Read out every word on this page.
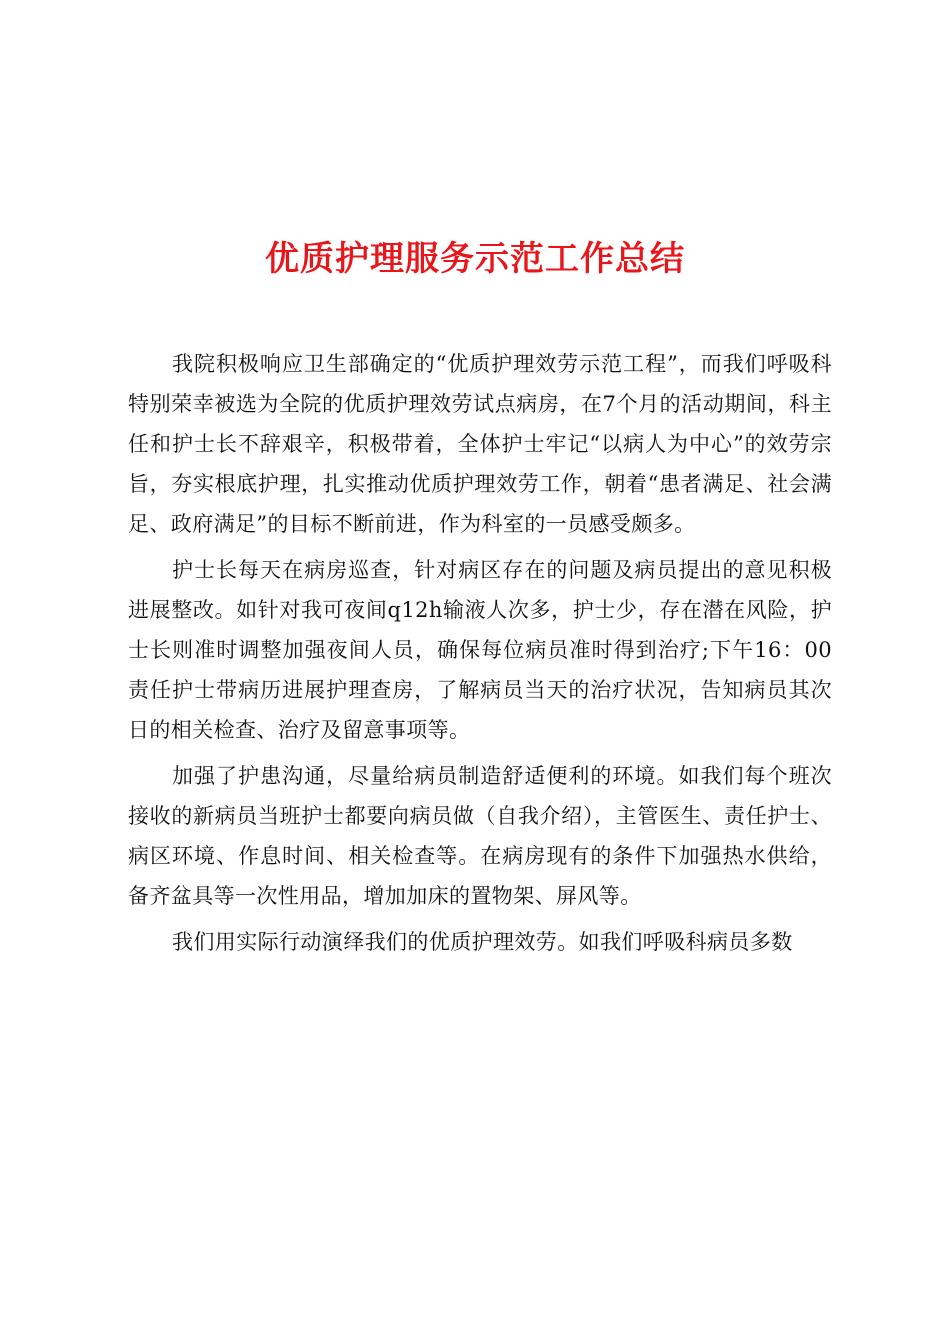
优质护理服务示范工作总结

我院积极响应卫生部确定的“优质护理效劳示范工程”，而我们呼吸科特别荣幸被选为全院的优质护理效劳试点病房，在7个月的活动期间，科主任和护士长不辞艰辛，积极带着，全体护士牢记“以病人为中心”的效劳宗旨，夯实根底护理，扎实推动优质护理效劳工作，朝着“患者满足、社会满足、政府满足”的目标不断前进，作为科室的一员感受颇多。

护士长每天在病房巡查，针对病区存在的问题及病员提出的意见积极进展整改。如针对我可夜间q12h输液人次多，护士少，存在潜在风险，护士长则准时调整加强夜间人员，确保每位病员准时得到治疗;下午16：00责任护士带病历进展护理查房，了解病员当天的治疗状况，告知病员其次日的相关检查、治疗及留意事项等。

加强了护患沟通，尽量给病员制造舒适便利的环境。如我们每个班次接收的新病员当班护士都要向病员做（自我介绍），主管医生、责任护士、病区环境、作息时间、相关检查等。在病房现有的条件下加强热水供给，备齐盆具等一次性用品，增加加床的置物架、屏风等。

我们用实际行动演绎我们的优质护理效劳。如我们呼吸科病员多数
